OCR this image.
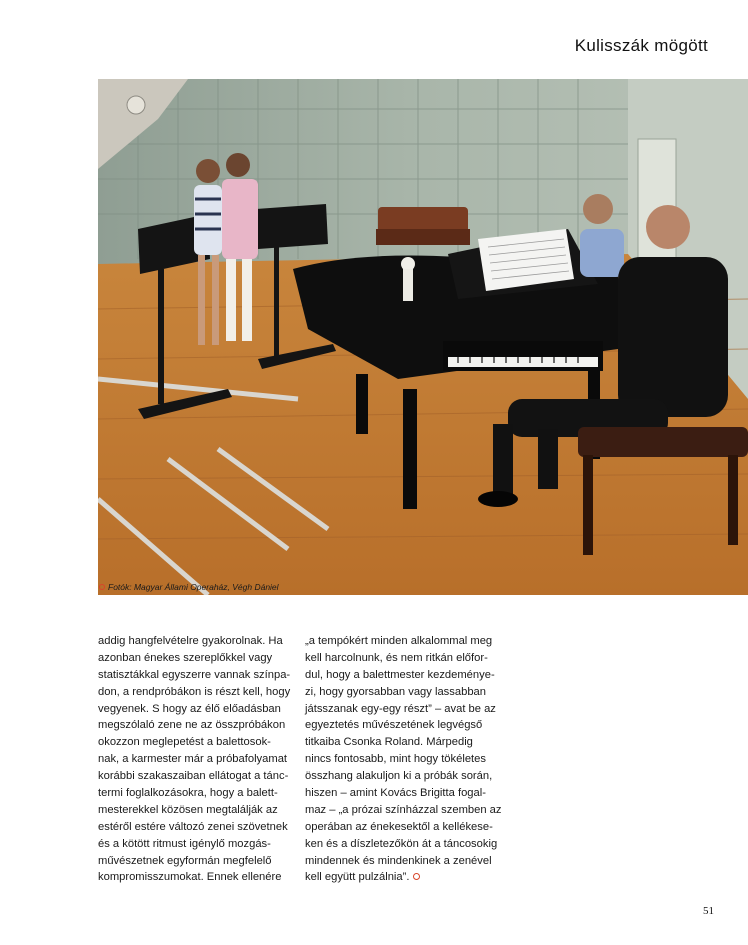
Kulisszák mögött
Fotók: Magyar Állami Operaház, Végh Dániel
addig hangfelvételre gyakorolnak. Ha
azonban énekes szereplőkkel vagy
statisztákkal egyszerre vannak színpa-
don, a rendpróbákon is részt kell, hogy
vegyenek. S hogy az élő előadásban
megszólaló zene ne az összpróbákon
okozzon meglepetést a balettosok-
nak, a karmester már a próbafolyamat
korábbi szakaszaiban ellátogat a tánc-
termi foglalkozásokra, hogy a balett-
mesterekkel közösen megtalálják az
estéről estére változó zenei szövetnek
és a kötött ritmust igénylő mozgás-
művészetnek egyformán megfelelő
kompromisszumokat. Ennek ellenére
„a tempókért minden alkalommal meg
kell harcolnunk, és nem ritkán előfor-
dul, hogy a balettmester kezdeménye-
zi, hogy gyorsabban vagy lassabban
játsszanak egy-egy részt” – avat be az
egyeztetés művészetének legvégső
titkaiba Csonka Roland. Márpedig
nincs fontosabb, mint hogy tökéletes
összhang alakuljon ki a próbák során,
hiszen – amint Kovács Brigitta fogal-
maz – „a prózai színházzal szemben az
operában az énekesektől a kellékese-
ken és a díszletezőkön át a táncosokig
mindennek és mindenkinek a zenével
kell együtt pulzálnia”.
51
